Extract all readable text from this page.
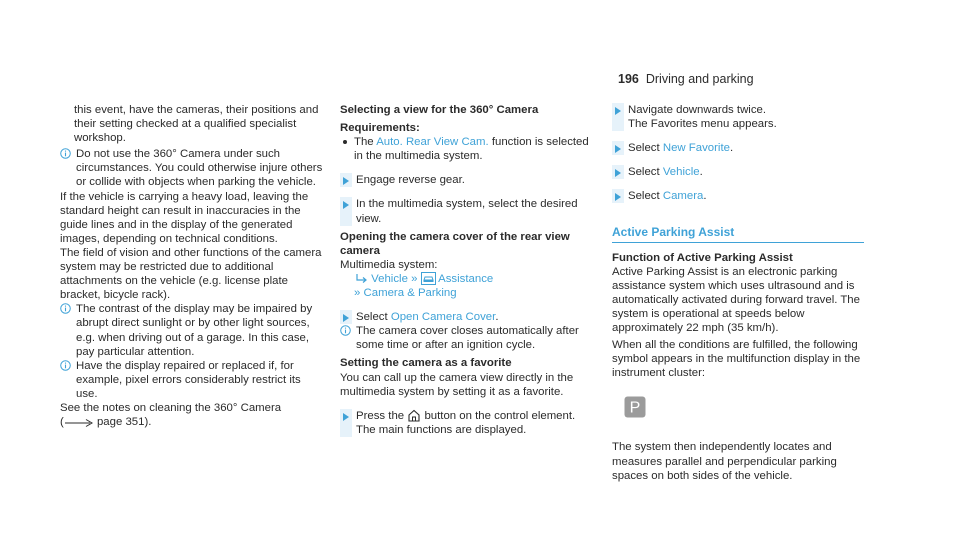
196 Driving and parking

this event, have the cameras, their positions and their setting checked at a qualified specialist workshop.

Do not use the 360° Camera under such circumstances. You could otherwise injure others or collide with objects when parking the vehicle.

If the vehicle is carrying a heavy load, leaving the standard height can result in inaccuracies in the guide lines and in the display of the generated images, depending on technical conditions.

The field of vision and other functions of the camera system may be restricted due to additional attachments on the vehicle (e.g. license plate bracket, bicycle rack).

The contrast of the display may be impaired by abrupt direct sunlight or by other light sources, e.g. when driving out of a garage. In this case, pay particular attention.
Have the display repaired or replaced if, for example, pixel errors considerably restrict its use.

See the notes on cleaning the 360° Camera

(	page 351).

Selecting a view for the 360° Camera

Requirements:

The Auto. Rear View Cam. function is selected in the multimedia system.
Engage reverse gear.
In the multimedia system, select the desired view.

Opening the camera cover of the rear view camera

Multimedia system:

Vehicle » Assistance

» Camera & Parking

Select Open Camera Cover.
The camera cover closes automatically after some time or after an ignition cycle.

Setting the camera as a favorite

You can call up the camera view directly in the multimedia system by setting it as a favorite.

Press the button on the control element.
The main functions are displayed.
Navigate downwards twice.
The Favorites menu appears.
Select New Favorite.
Select Vehicle.
Select Camera.
Active Parking Assist

Function of Active Parking Assist

Active Parking Assist is an electronic parking assistance system which uses ultrasound and is automatically activated during forward travel. The system is operational at speeds below approximately 22 mph (35 km/h).

When all the conditions are fulfilled, the following symbol appears in the multifunction display in the instrument cluster:

P

The system then independently locates and measures parallel and perpendicular parking spaces on both sides of the vehicle.
